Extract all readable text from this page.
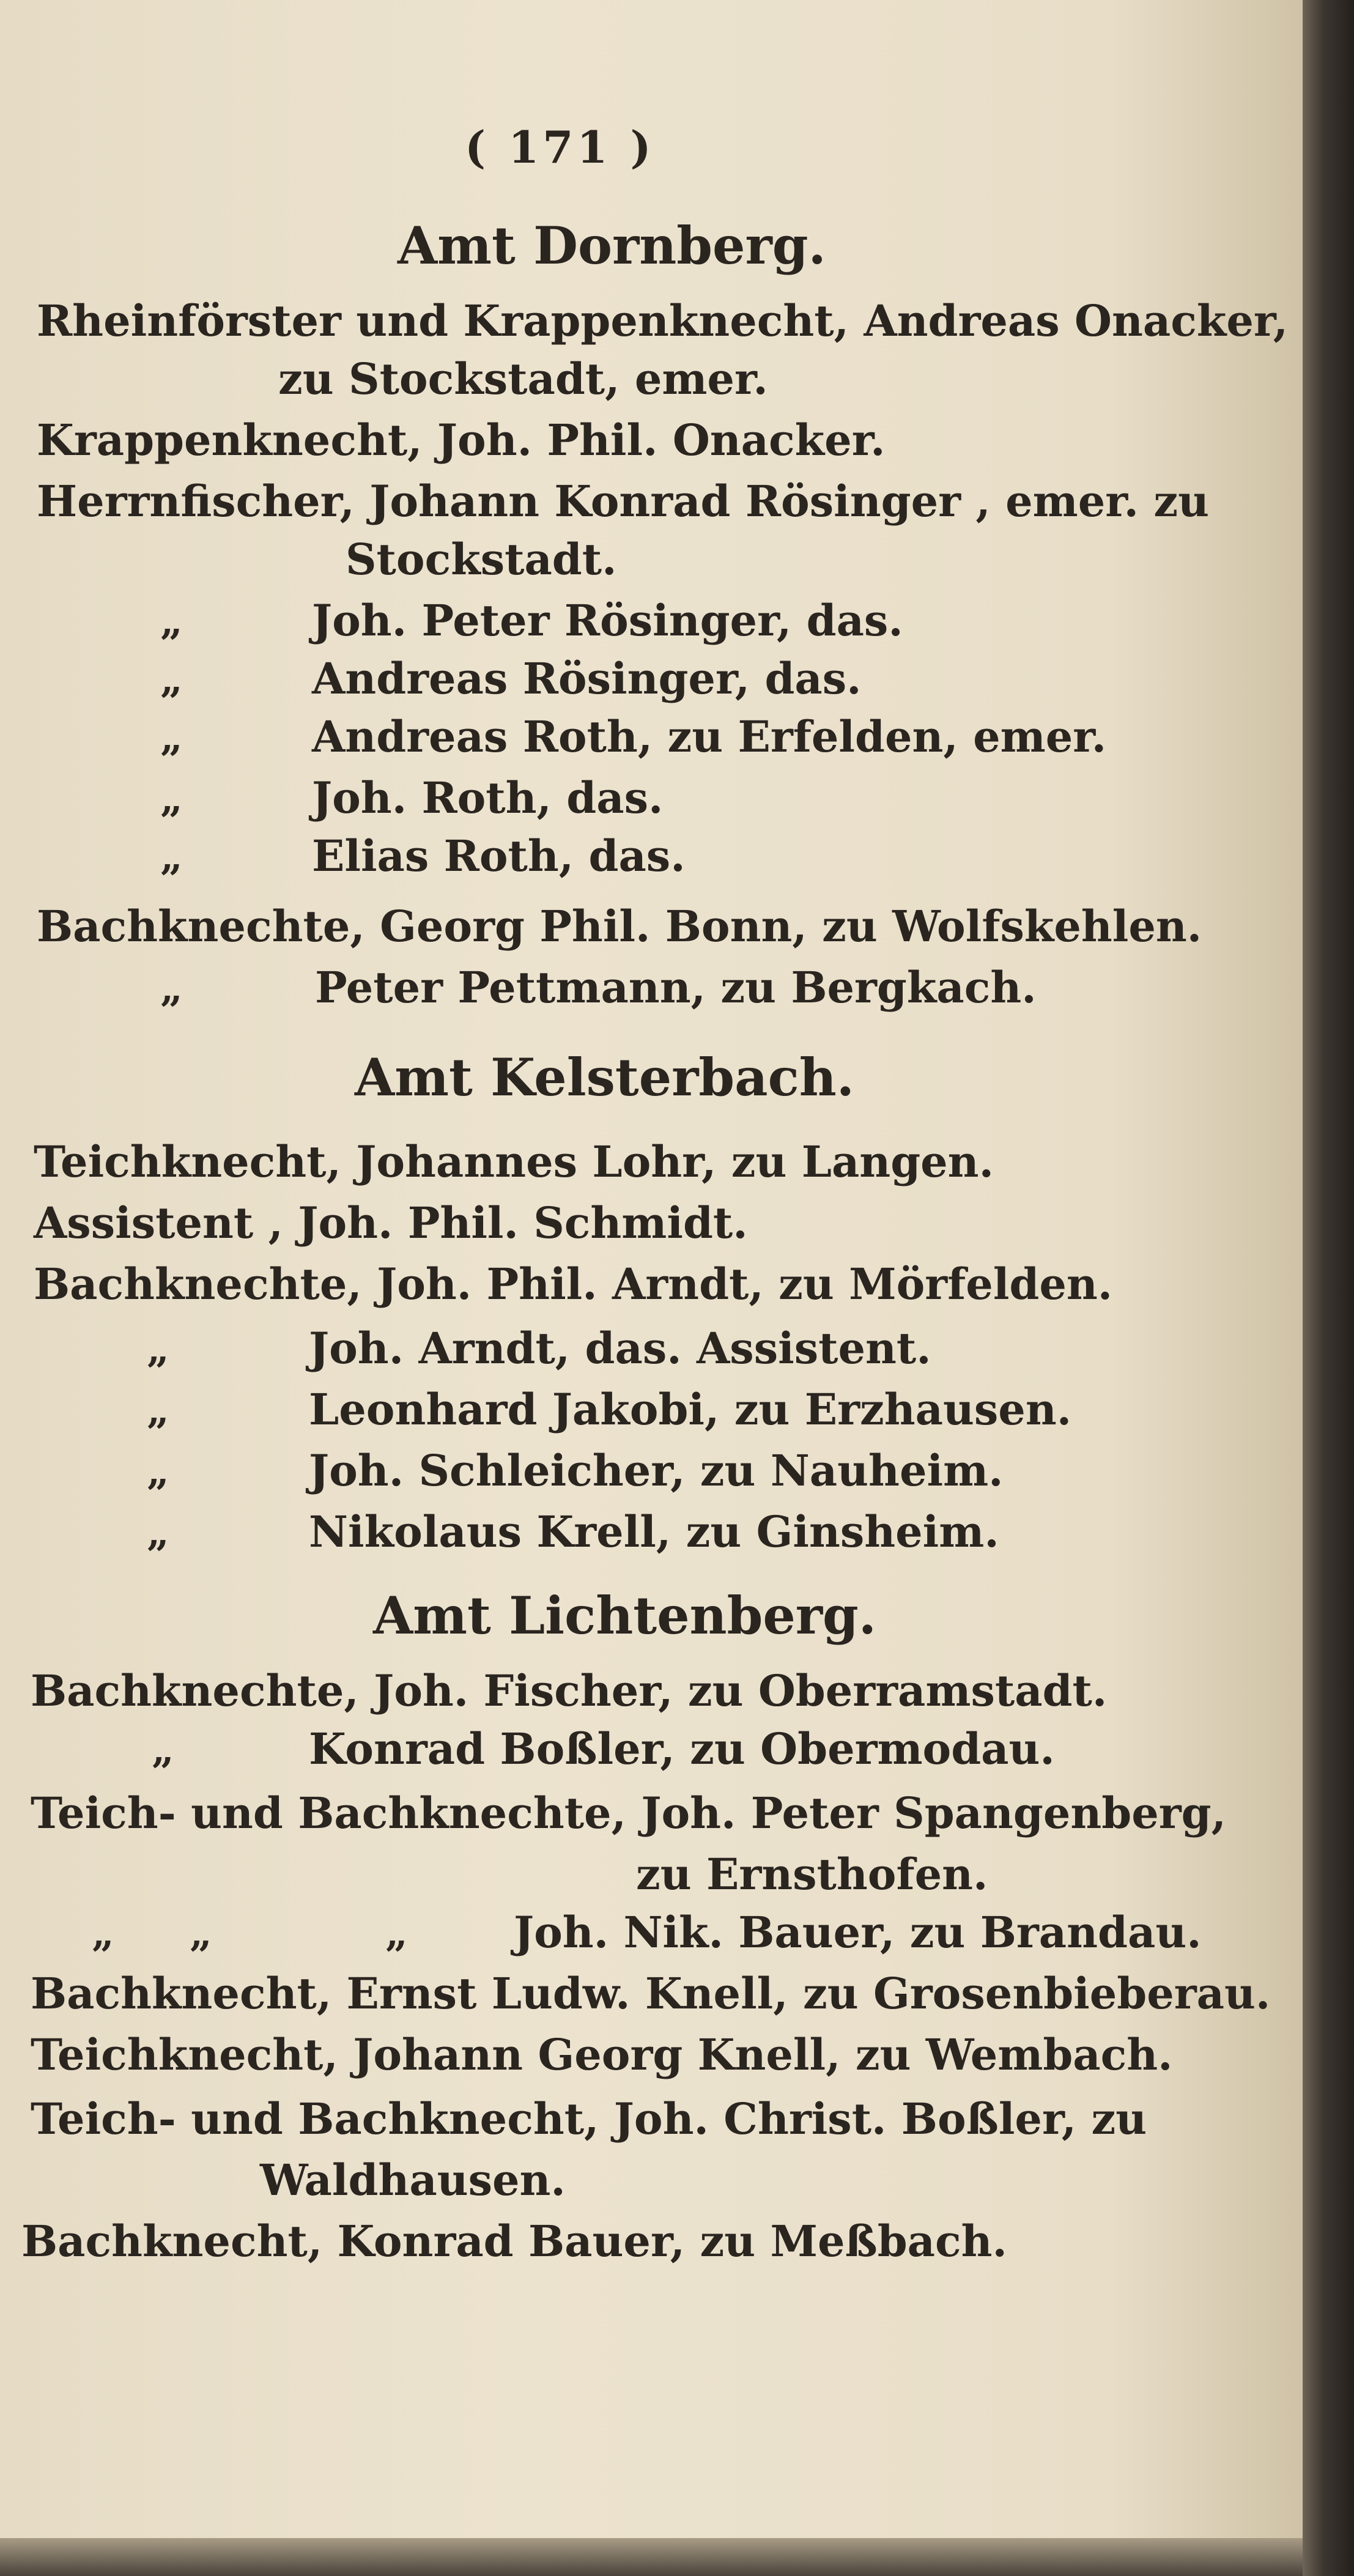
( 171 )
Amt Dornberg.
Rheinförster und Krappenknecht, Andreas Onacker,
zu Stockstadt, emer.
Krappenknecht, Joh. Phil. Onacker.
Herrnfischer, Johann Konrad Rösinger , emer. zu
Stockstadt.
„	Joh. Peter Rösinger, das.
„	Andreas Rösinger, das.
„	Andreas Roth, zu Erfelden, emer.
„	Joh. Roth, das.
„	Elias Roth, das.
Bachknechte, Georg Phil. Bonn, zu Wolfskehlen.
„	Peter Pettmann, zu Bergkach.
Amt Kelsterbach.
Teichknecht, Johannes Lohr, zu Langen.
Assistent , Joh. Phil. Schmidt.
Bachknechte, Joh. Phil. Arndt, zu Mörfelden.
„	Joh. Arndt, das. Assistent.
„	Leonhard Jakobi, zu Erzhausen.
„	Joh. Schleicher, zu Nauheim.
„	Nikolaus Krell, zu Ginsheim.
Amt Lichtenberg.
Bachknechte, Joh. Fischer, zu Oberramstadt.
„	Konrad Boßler, zu Obermodau.
Teich- und Bachknechte, Joh. Peter Spangenberg,
zu Ernsthofen.
„ „	„ Joh. Nik. Bauer, zu Brandau.
Bachknecht, Ernst Ludw. Knell, zu Grosenbieberau.
Teichknecht, Johann Georg Knell, zu Wembach.
Teich- und Bachknecht, Joh. Christ. Boßler, zu
Waldhausen.
Bachknecht, Konrad Bauer, zu Meßbach.
